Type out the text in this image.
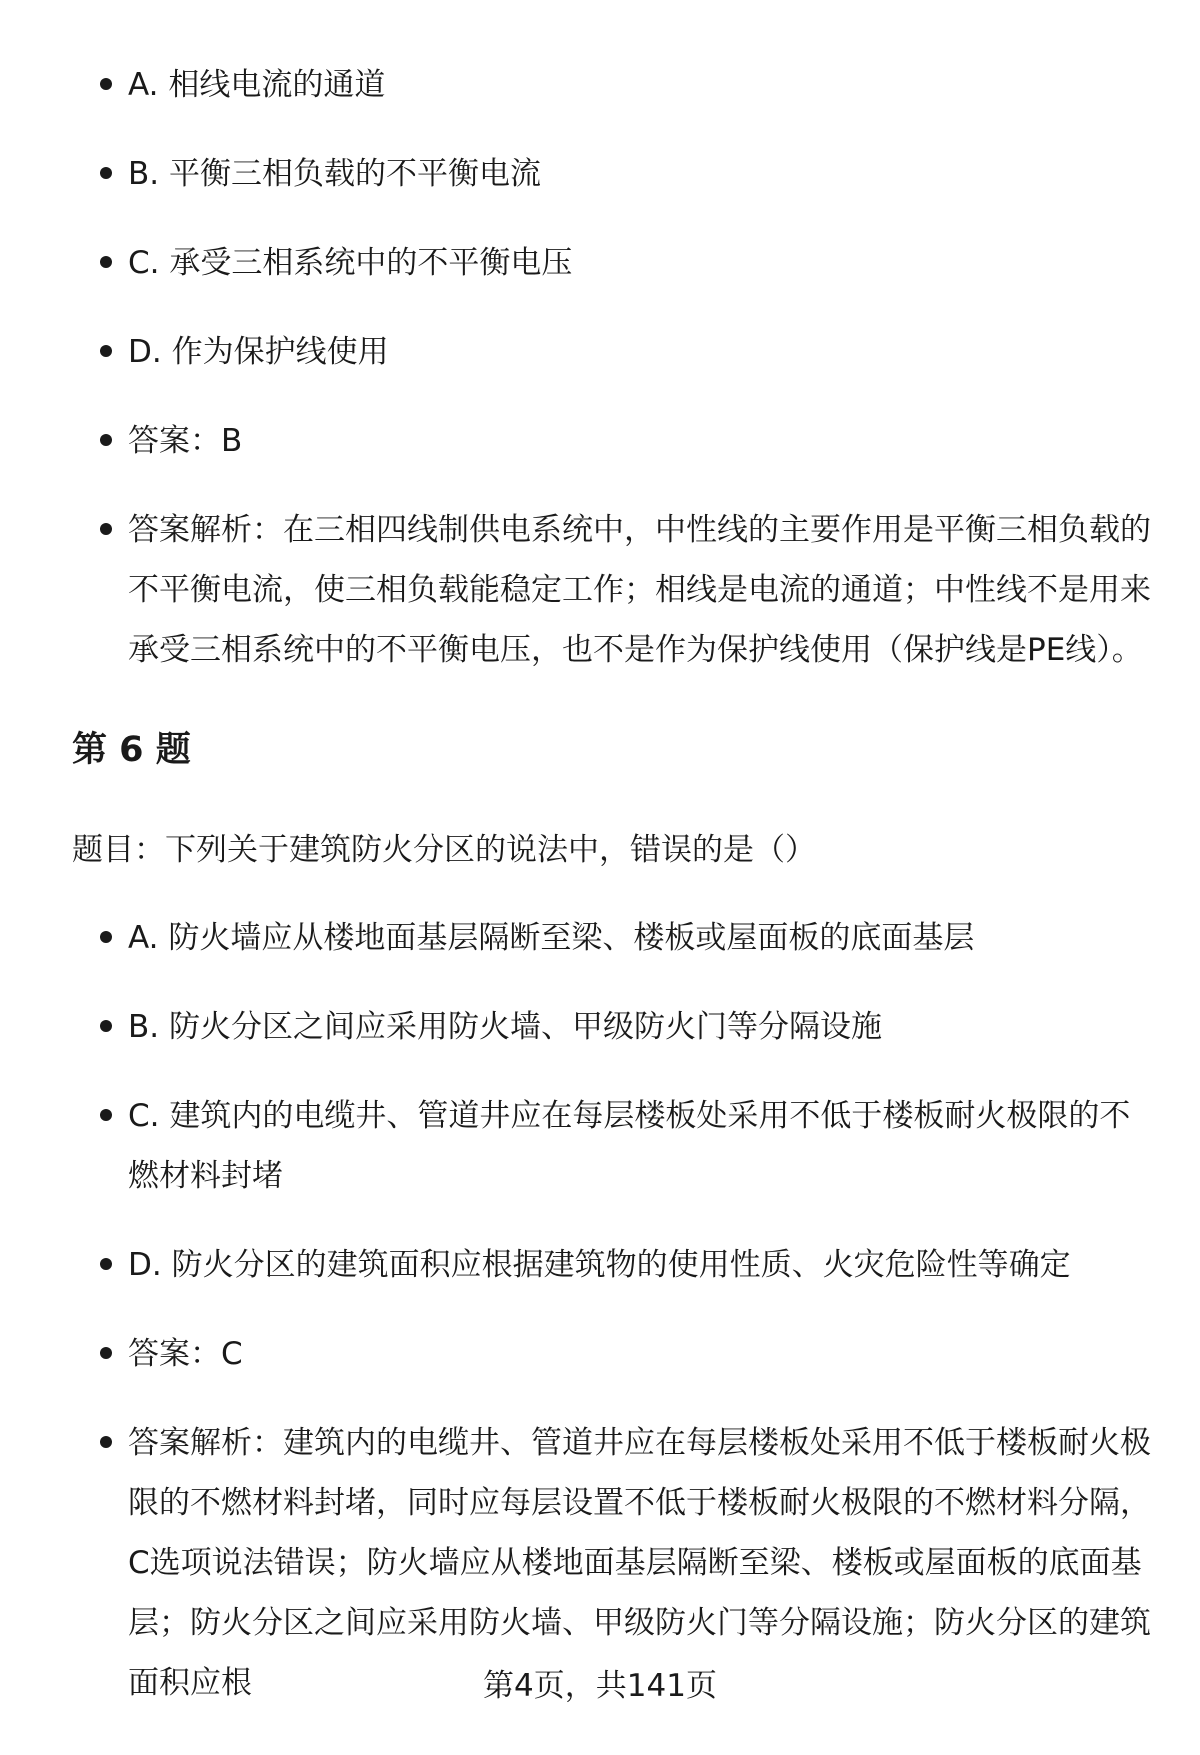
A. 相线电流的通道
B. 平衡三相负载的不平衡电流
C. 承受三相系统中的不平衡电压
D. 作为保护线使用
答案：B
答案解析：在三相四线制供电系统中，中性线的主要作用是平衡三相负载的不平衡电流，使三相负载能稳定工作；相线是电流的通道；中性线不是用来承受三相系统中的不平衡电压，也不是作为保护线使用（保护线是PE线）。
第 6 题
题目：下列关于建筑防火分区的说法中，错误的是（）
A. 防火墙应从楼地面基层隔断至梁、楼板或屋面板的底面基层
B. 防火分区之间应采用防火墙、甲级防火门等分隔设施
C. 建筑内的电缆井、管道井应在每层楼板处采用不低于楼板耐火极限的不燃材料封堵
D. 防火分区的建筑面积应根据建筑物的使用性质、火灾危险性等确定
答案：C
答案解析：建筑内的电缆井、管道井应在每层楼板处采用不低于楼板耐火极限的不燃材料封堵，同时应每层设置不低于楼板耐火极限的不燃材料分隔，C选项说法错误；防火墙应从楼地面基层隔断至梁、楼板或屋面板的底面基层；防火分区之间应采用防火墙、甲级防火门等分隔设施；防火分区的建筑面积应根	第4页，共141页
